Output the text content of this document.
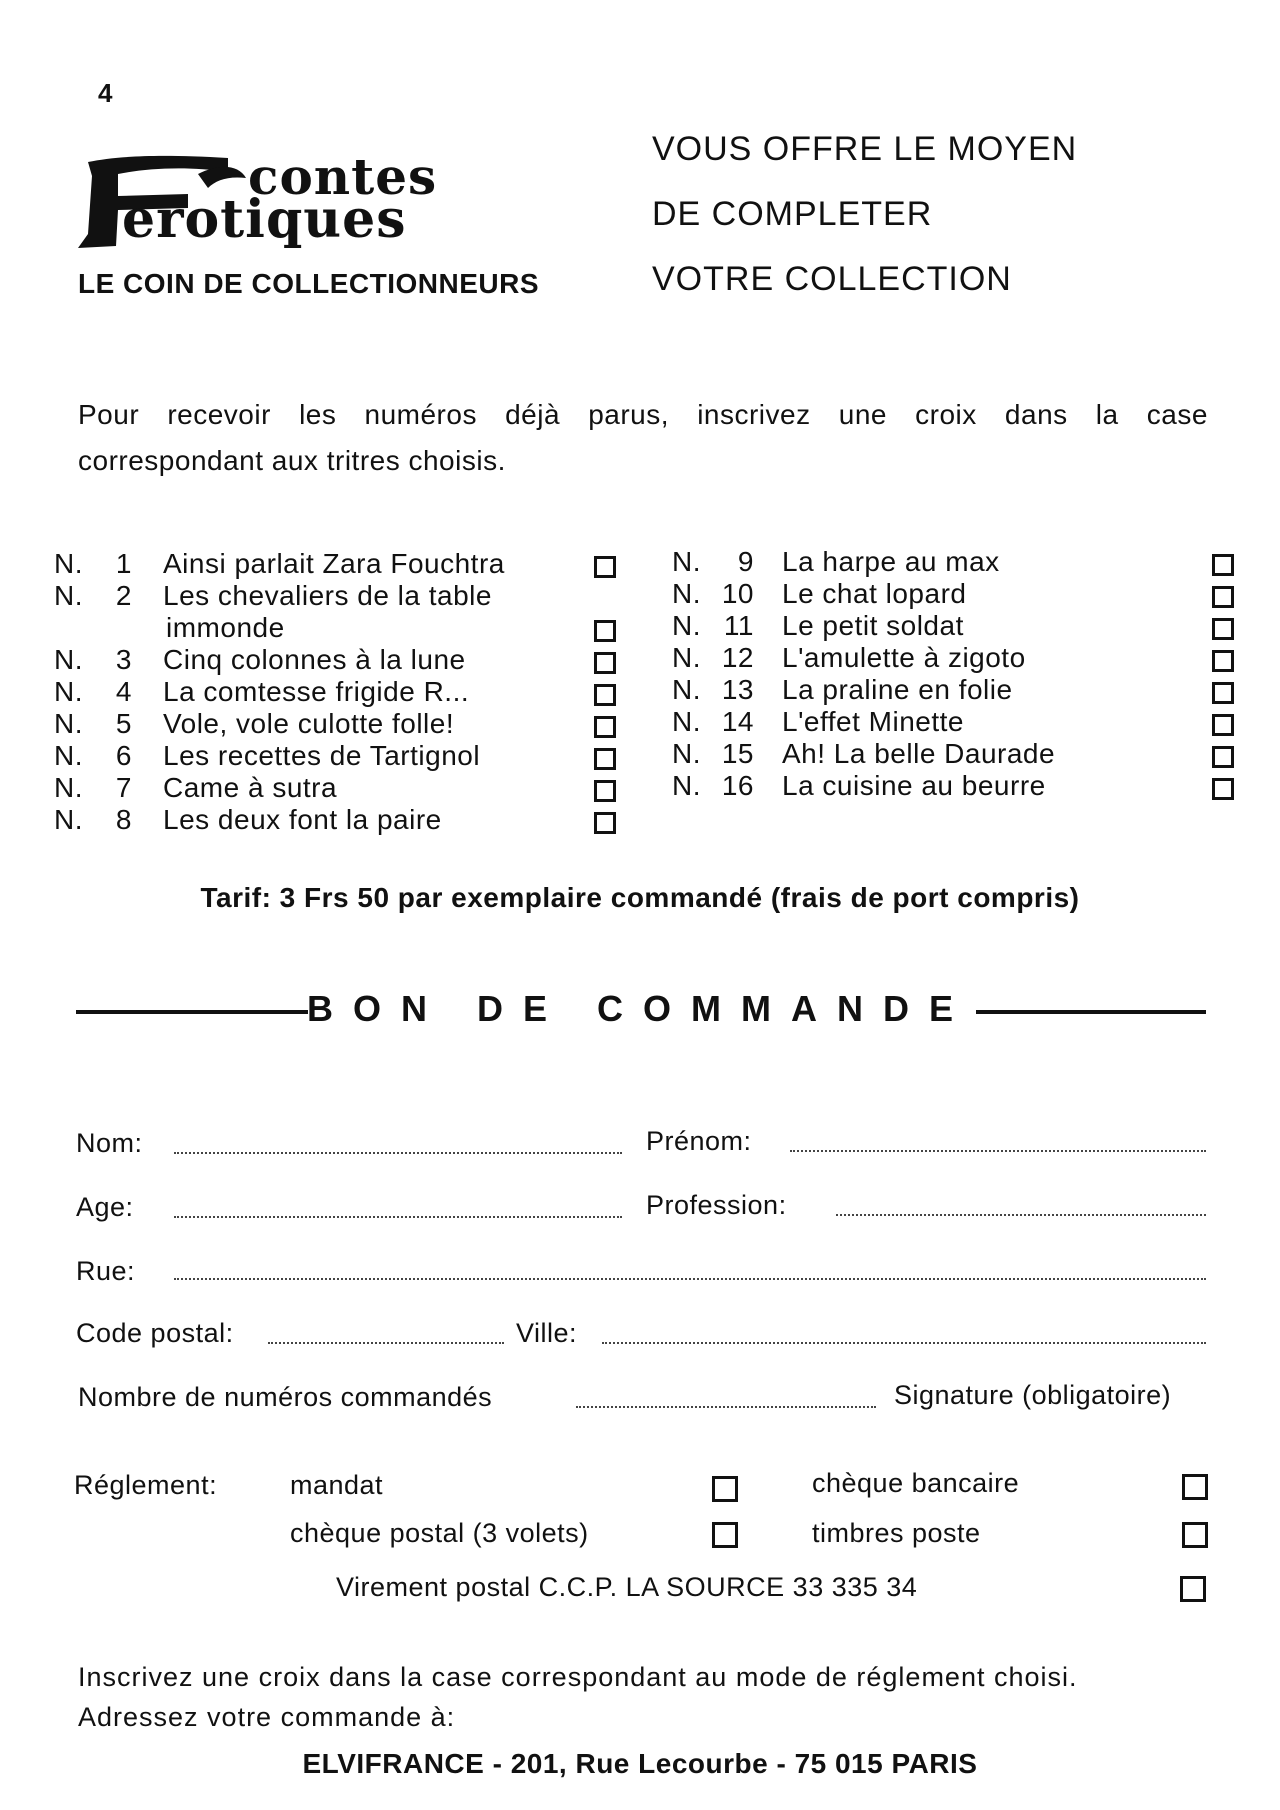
4
contes
erotiques
LE COIN DE COLLECTIONNEURS
VOUS OFFRE LE MOYEN
DE COMPLETER
VOTRE COLLECTION
Pour recevoir les numéros déjà parus, inscrivez une croix dans la case
correspondant aux tritres choisis.
N.	1 Ainsi parlait Zara Fouchtra
N.	2 Les chevaliers de la table
immonde
N.	3 Cinq colonnes à la lune
N.	4 La comtesse frigide R...
N.	5 Vole, vole culotte folle!
N.	6 Les recettes de Tartignol
N.	7 Came à sutra
N.	8 Les deux font la paire
N.	9 La harpe au max
N. 10 Le chat lopard
N. 11 Le petit soldat
N. 12 L'amulette à zigoto
N. 13 La praline en folie
N. 14 L'effet Minette
N. 15 Ah! La belle Daurade
N. 16 La cuisine au beurre
Tarif: 3 Frs 50 par exemplaire commandé (frais de port compris)
BON DE COMMANDE
Nom:	Prénom:
Age:	Profession:
Rue:
Code postal:	Ville:
Nombre de numéros commandés	Signature (obligatoire)
Réglement:	mandat	chèque bancaire
chèque postal (3 volets)	timbres poste
Virement postal C.C.P. LA SOURCE 33 335 34
Inscrivez une croix dans la case correspondant au mode de réglement choisi.
Adressez votre commande à:
ELVIFRANCE - 201, Rue Lecourbe - 75 015 PARIS
